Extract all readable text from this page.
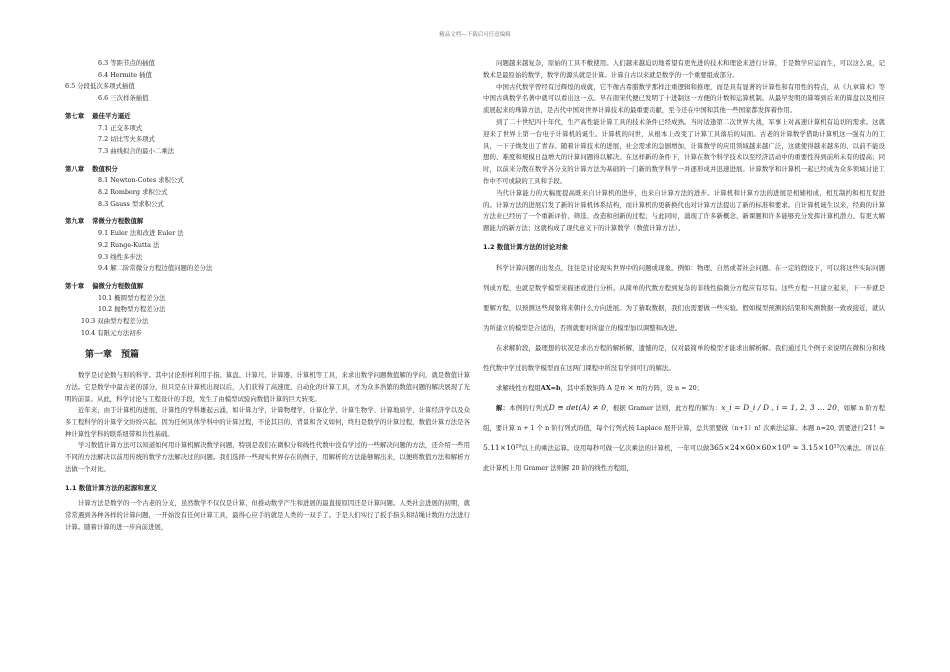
精品文档---下载后可任意编辑
6.3 等距节点的插值
6.4 Hermite 插值
6.5 分段低次多项式插值
6.6 三次样条插值
第七章 最佳平方逼近
7.1 正交多项式
7.2 切比雪夫多项式
7.3 曲线拟合的最小二乘法
第八章 数值积分
8.1 Newton-Cotes 求积公式
8.2 Romberg 求积公式
8.3 Gauss 型求积公式
第九章 常微分方程数值解
9.1 Euler 法和改进 Euler 法
9.2 Runge-Kutta 法
9.3 线性多步法
9.4 解二阶常微分方程边值问题的差分法
第十章 偏微分方程数值解
10.1 椭圆型方程差分法
10.2 抛物型方程差分法
10.3 双曲型方程差分法
10.4 有限元方法初步
第一章　预篇

数学是讨论数与形的科学。其中讨论形样利用手指、算盘、计算尺、计算器、计算机等工具，来求出数学问题数值解的学问，就是数值计算方法。它是数学中最古老的部分，但只是在计算机出现以后，人们获得了高速度、自动化的计算工具，才为众多浩繁的数值问题的解决展现了光明的前景。从此，科学讨论与工程设计的手段，发生了由模型试验向数值计算的巨大转变。

近年来，由于计算机的进展，计算性的学科雄起云涌，如计算力学，计算物理学，计算化学，计算生物学、计算地质学、计算经济学以及众多工程科学的计算学文纷纷兴起。因为任何具体学科中的计算过程，不论其目的、背景和含义如何，终归是数学的计算过程，数值计算方法是各种计算性学科的联系纽带和共性基础。

学习数值计算方法可以知道如何用计算机解决数学问题，特别是我们在微积分和线性代数中没有学过的一些解决问题的方法，还介绍一些用不同的方法解决以前用传统的数学方法解决过的问题。我们选择一些现实世界存在的例子，用解析的方法能够解出来，以便将数值方法和解析方法做一个对比。

1.1 数值计算方法的起源和意义

计算方法是数学的一个古老的分支，虽然数学不仅仅是计算，但推动数学产生和进展的最直接原因还是计算问题。人类社会进展的初期，就常常遇到各种各样的计算问题，一开始没有任何计算工具，最得心应手的就是人类的一双手了。于是人们实行了扳手指头和结绳计数的方法进行计算。随着计算的进一步向前进展，

问题越来越复杂，原始的工具不敷使用。人们越来越迫切地希望有更先进的技术和理论来进行计算，于是数学应运而生，可以这么说，记数术是最原始的数学，数学的源头就是计算。计算自古以来就是数学的一个重要组成部分。

中国古代数学曾经有过辉煌的成就，它不像古希腊数学那样注重逻辑和推理，而是具有显著的计算性和有用性的特点，从《九章算术》等中国古典数学名著中就可以看出这一点。早在南宋代便已发明了十进制这一方便的计数和运算机制。从最早发明的算筹到后来的算盘以及相应流展起来的珠算方法，是古代中国对世界计算技术的最重要贡献，至今还在中国和其他一些国家都发挥着作用。

到了二十世纪四十年代，生产高性能计算工具的技术条件已经成熟。当时适逢第二次世界大战，军事上对高速计算机有迫切的需求。这就迎来了世界上第一台电子计算机的诞生。计算机的问世，从根本上改变了计算工具落后的局面。古老的计算数学借助计算机这一强有力的工具，一下子焕发出了青春。随着计算技术的进展，社会需求的急剧增加，计算数学的应用领域越来越广泛，这就使得越来越多的、以前不能设想的、难度和规模日益增大的计算问题得以解决。在这样新的条件下，计算在数个科学技术以至经济活动中的重要性得到前所未有的提高；同时，以前来分散在数学各分支的计算方法为基础的一门新的数学科学一并逐形成并迅速进展。计算数学和计算机一起已经成为众多领域讨论工作中不可或缺的工具和手段。

当代计算能力的大幅度提高既来自计算机的进步，也来自计算方法的进步。计算机和计算方法的进展是相辅相成，相互制约和相互促进的。计算方法的进展启发了新的计算机体系结构，而计算机的更新换代也对计算方法提出了新的标准和要求。自计算机诞生以来，经典的计算方法业已经历了一个重新评价、筛选、改造和创新的过程；与此同时，涌现了许多新概念、新课题和许多能够充分发挥计算机潜力、有更大解题能力的新方法；这就构成了现代意义下的计算数学（数值计算方法）。

1.2 数值计算方法的讨论对象

科学计算问题的出发点，往往是讨论现实世界中的问题或现象。例如：物理、自然或者社会问题。在一定的假设下，可以将这些实际问题列成方程，也就是数学模型来描述或进行分析。从简单的代数方程到复杂的非线性偏微分方程应有尽有。这些方程一旦建立起来，下一步就是要解方程，以预测这些现象将来朝什么方向进展。为了猜取数据，我们也需要做一些实验。假如模型预测的结果和实测数据一致或接近，就认为所建立的模型是合适的，否则就要对所建立的模型加以调整和改进。

在求解阶段，最理想的状况是求出方程的解析解，遗憾的是，仅对最简单的模型才能求出解析解。我们通过几个例子来说明在微积分和线性代数中学过的数学模型而在这两门课程中所没有学到可行的解法。

求解线性方程组AX=b，其中系数矩阵 A 是n × n的方阵，设 n = 20；

解：本例的行列式D ≡ det(A) ≠ 0，根据 Gramer 法则，此方程的解为：x_i = D_i / D , i = 1, 2, 3 … 20，如解 n 阶方程组，要计算 n + 1 个 n 阶行列式的值，每个行列式按 Laplace 展开计算，总共需要做（n+1）n! 次乘法运算。本题 n=20, 需要进行21! ≈ 5.11×10¹⁹以上的乘法运算。设用每秒可做一亿次乘法的计算机，一年可以做365×24×60×60×10⁸ ≈ 3.15×10¹⁵次乘法。所以在此计算机上用 Gramer 法则解 20 阶的线性方程组，
